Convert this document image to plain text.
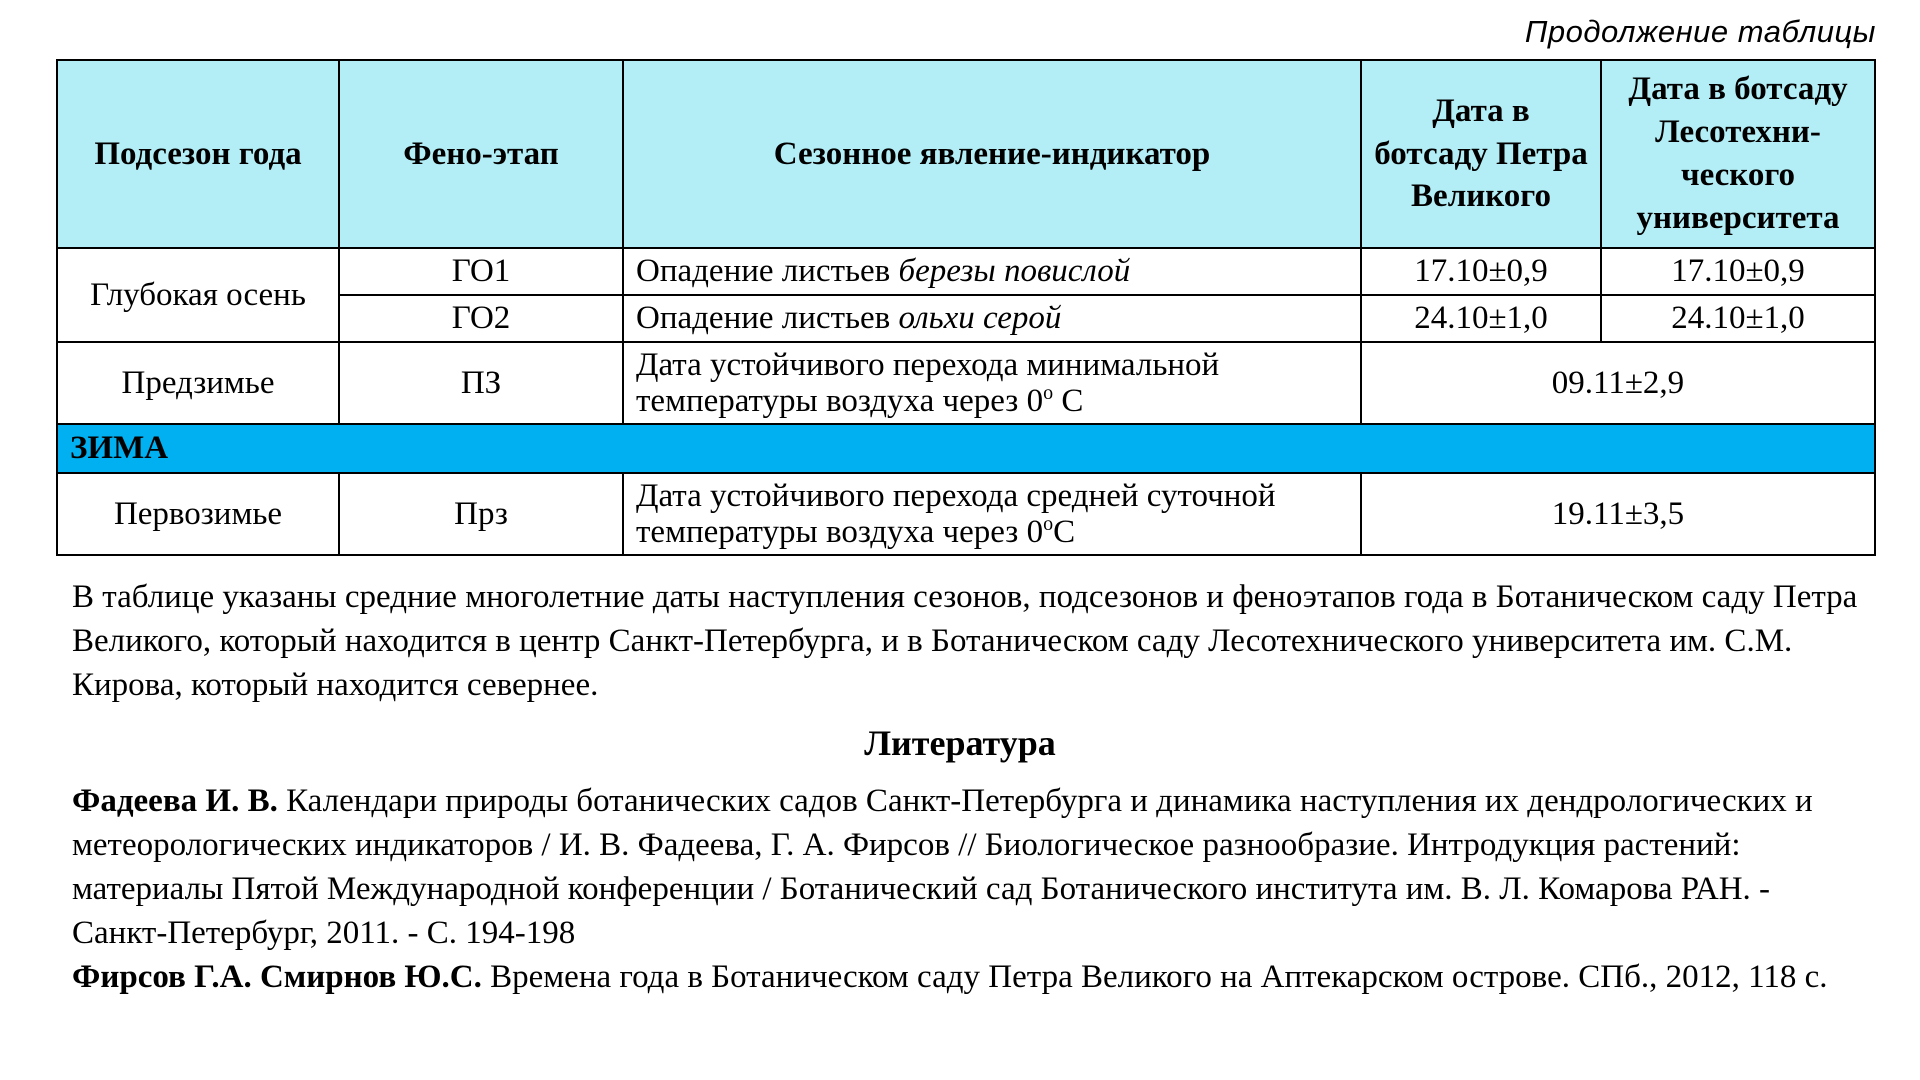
Продолжение таблицы
Подсезон года	Фено-этап	Сезонное явление-индикатор	Дата в ботсаду Петра Великого	Дата в ботсаду Лесотехни-ческого университета
Глубокая осень	ГО1	Опадение листьев березы повислой	17.10±0,9	17.10±0,9
	ГО2	Опадение листьев ольхи серой	24.10±1,0	24.10±1,0
Предзимье	ПЗ	Дата устойчивого перехода минимальной температуры воздуха через $0^о$ С	09.11±2,9	
ЗИМА				
Первозимье	Прз	Дата устойчивого перехода средней суточной температуры воздуха через $0^оС$	19.11±3,5	
В таблице указаны средние многолетние даты наступления сезонов, подсезонов и феноэтапов года в Ботаническом саду Петра Великого, который находится в центр Санкт-Петербурга, и в Ботаническом саду Лесотехнического университета им. С.М. Кирова, который находится севернее.
Литература

Фадеева И. В. Календари природы ботанических садов Санкт-Петербурга и динамика наступления их дендрологических и метеорологических индикаторов / И. В. Фадеева, Г. А. Фирсов // Биологическое разнообразие. Интродукция растений: материалы Пятой Международной конференции / Ботанический сад Ботанического института им. В. Л. Комарова РАН. - Санкт-Петербург, 2011. - С. 194-198

Фирсов Г.А. Смирнов Ю.С. Времена года в Ботаническом саду Петра Великого на Аптекарском острове. СПб., 2012, 118 с.
